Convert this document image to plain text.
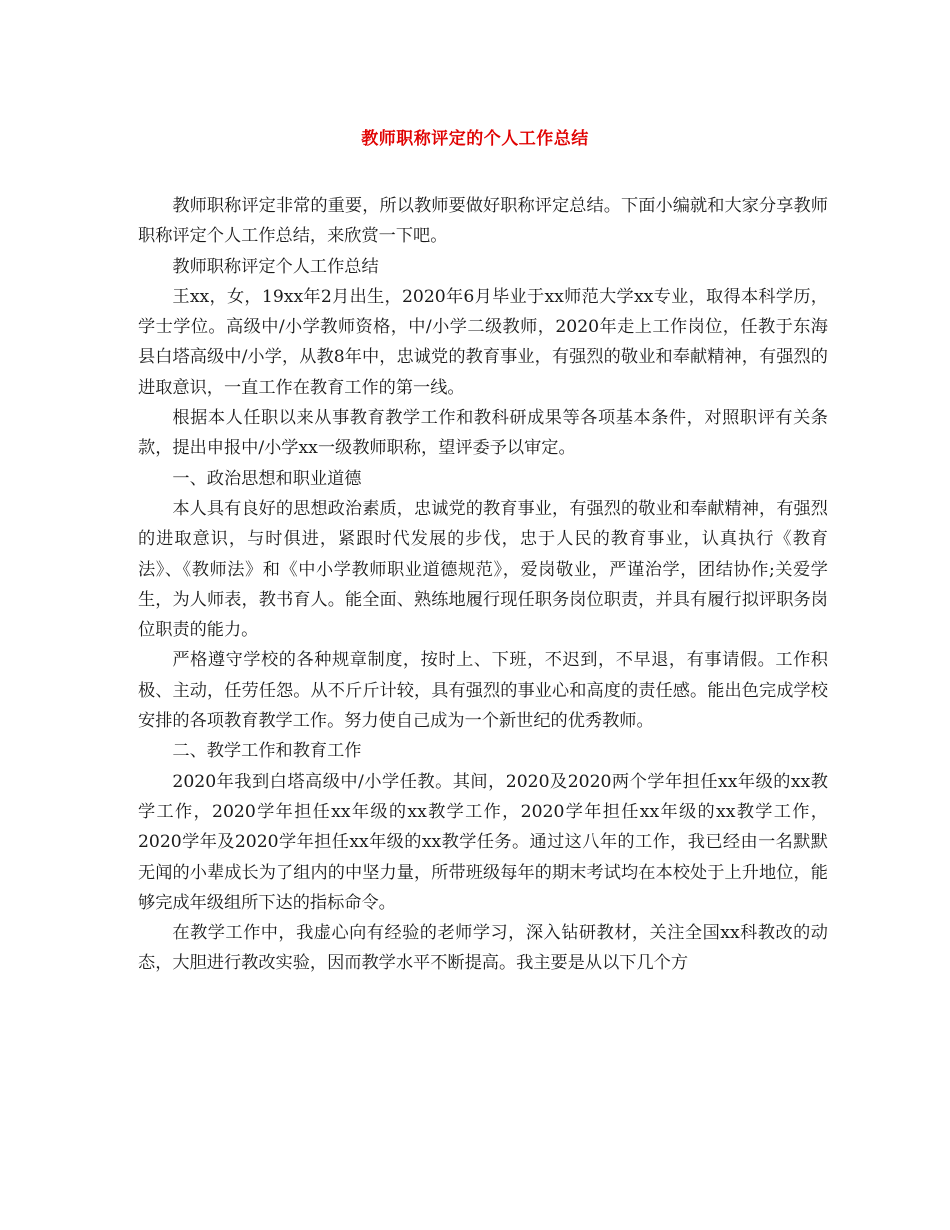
教师职称评定的个人工作总结

教师职称评定非常的重要，所以教师要做好职称评定总结。下面小编就和大家分享教师职称评定个人工作总结，来欣赏一下吧。

教师职称评定个人工作总结

王xx，女，19xx年2月出生，2020年6月毕业于xx师范大学xx专业，取得本科学历，学士学位。高级中/小学教师资格，中/小学二级教师，2020年走上工作岗位，任教于东海县白塔高级中/小学，从教8年中，忠诚党的教育事业，有强烈的敬业和奉献精神，有强烈的进取意识，一直工作在教育工作的第一线。

根据本人任职以来从事教育教学工作和教科研成果等各项基本条件，对照职评有关条款，提出申报中/小学xx一级教师职称，望评委予以审定。

一、政治思想和职业道德

本人具有良好的思想政治素质，忠诚党的教育事业，有强烈的敬业和奉献精神，有强烈的进取意识，与时俱进，紧跟时代发展的步伐，忠于人民的教育事业，认真执行《教育法》、《教师法》和《中小学教师职业道德规范》，爱岗敬业，严谨治学，团结协作;关爱学生，为人师表，教书育人。能全面、熟练地履行现任职务岗位职责，并具有履行拟评职务岗位职责的能力。

严格遵守学校的各种规章制度，按时上、下班，不迟到，不早退，有事请假。工作积极、主动，任劳任怨。从不斤斤计较，具有强烈的事业心和高度的责任感。能出色完成学校安排的各项教育教学工作。努力使自己成为一个新世纪的优秀教师。

二、教学工作和教育工作

2020年我到白塔高级中/小学任教。其间，2020及2020两个学年担任xx年级的xx教学工作，2020学年担任xx年级的xx教学工作，2020学年担任xx年级的xx教学工作，2020学年及2020学年担任xx年级的xx教学任务。通过这八年的工作，我已经由一名默默无闻的小辈成长为了组内的中坚力量，所带班级每年的期末考试均在本校处于上升地位，能够完成年级组所下达的指标命令。

在教学工作中，我虚心向有经验的老师学习，深入钻研教材，关注全国xx科教改的动态，大胆进行教改实验，因而教学水平不断提高。我主要是从以下几个方
